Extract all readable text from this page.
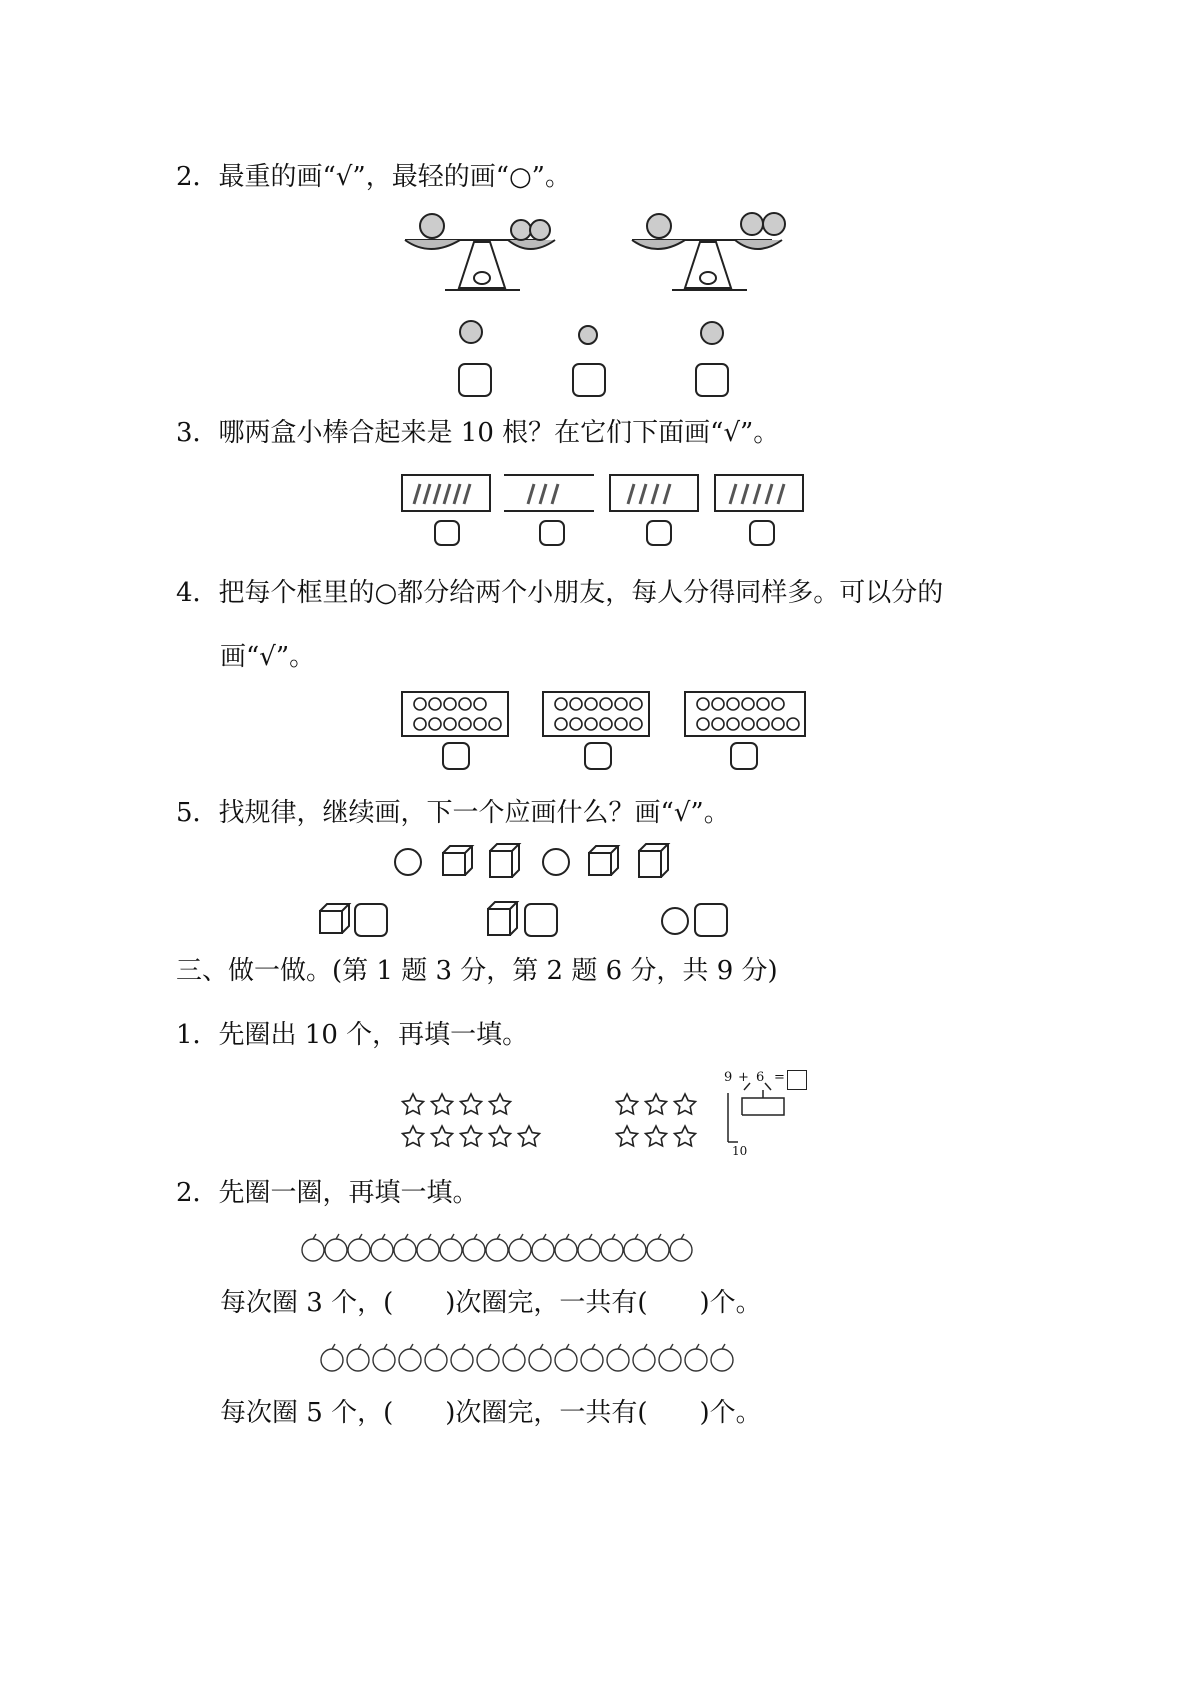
2．最重的画“√”，最轻的画“○”。
3．哪两盒小棒合起来是 10 根？在它们下面画“√”。
4．把每个框里的○都分给两个小朋友，每人分得同样多。可以分的
画“√”。
5．找规律，继续画，下一个应画什么？画“√”。
三、做一做。(第 1 题 3 分，第 2 题 6 分，共 9 分)
1．先圈出 10 个，再填一填。
9 + 6 =
10
2．先圈一圈，再填一填。
每次圈 3 个，(　　)次圈完，一共有(　　)个。
每次圈 5 个，(　　)次圈完，一共有(　　)个。
